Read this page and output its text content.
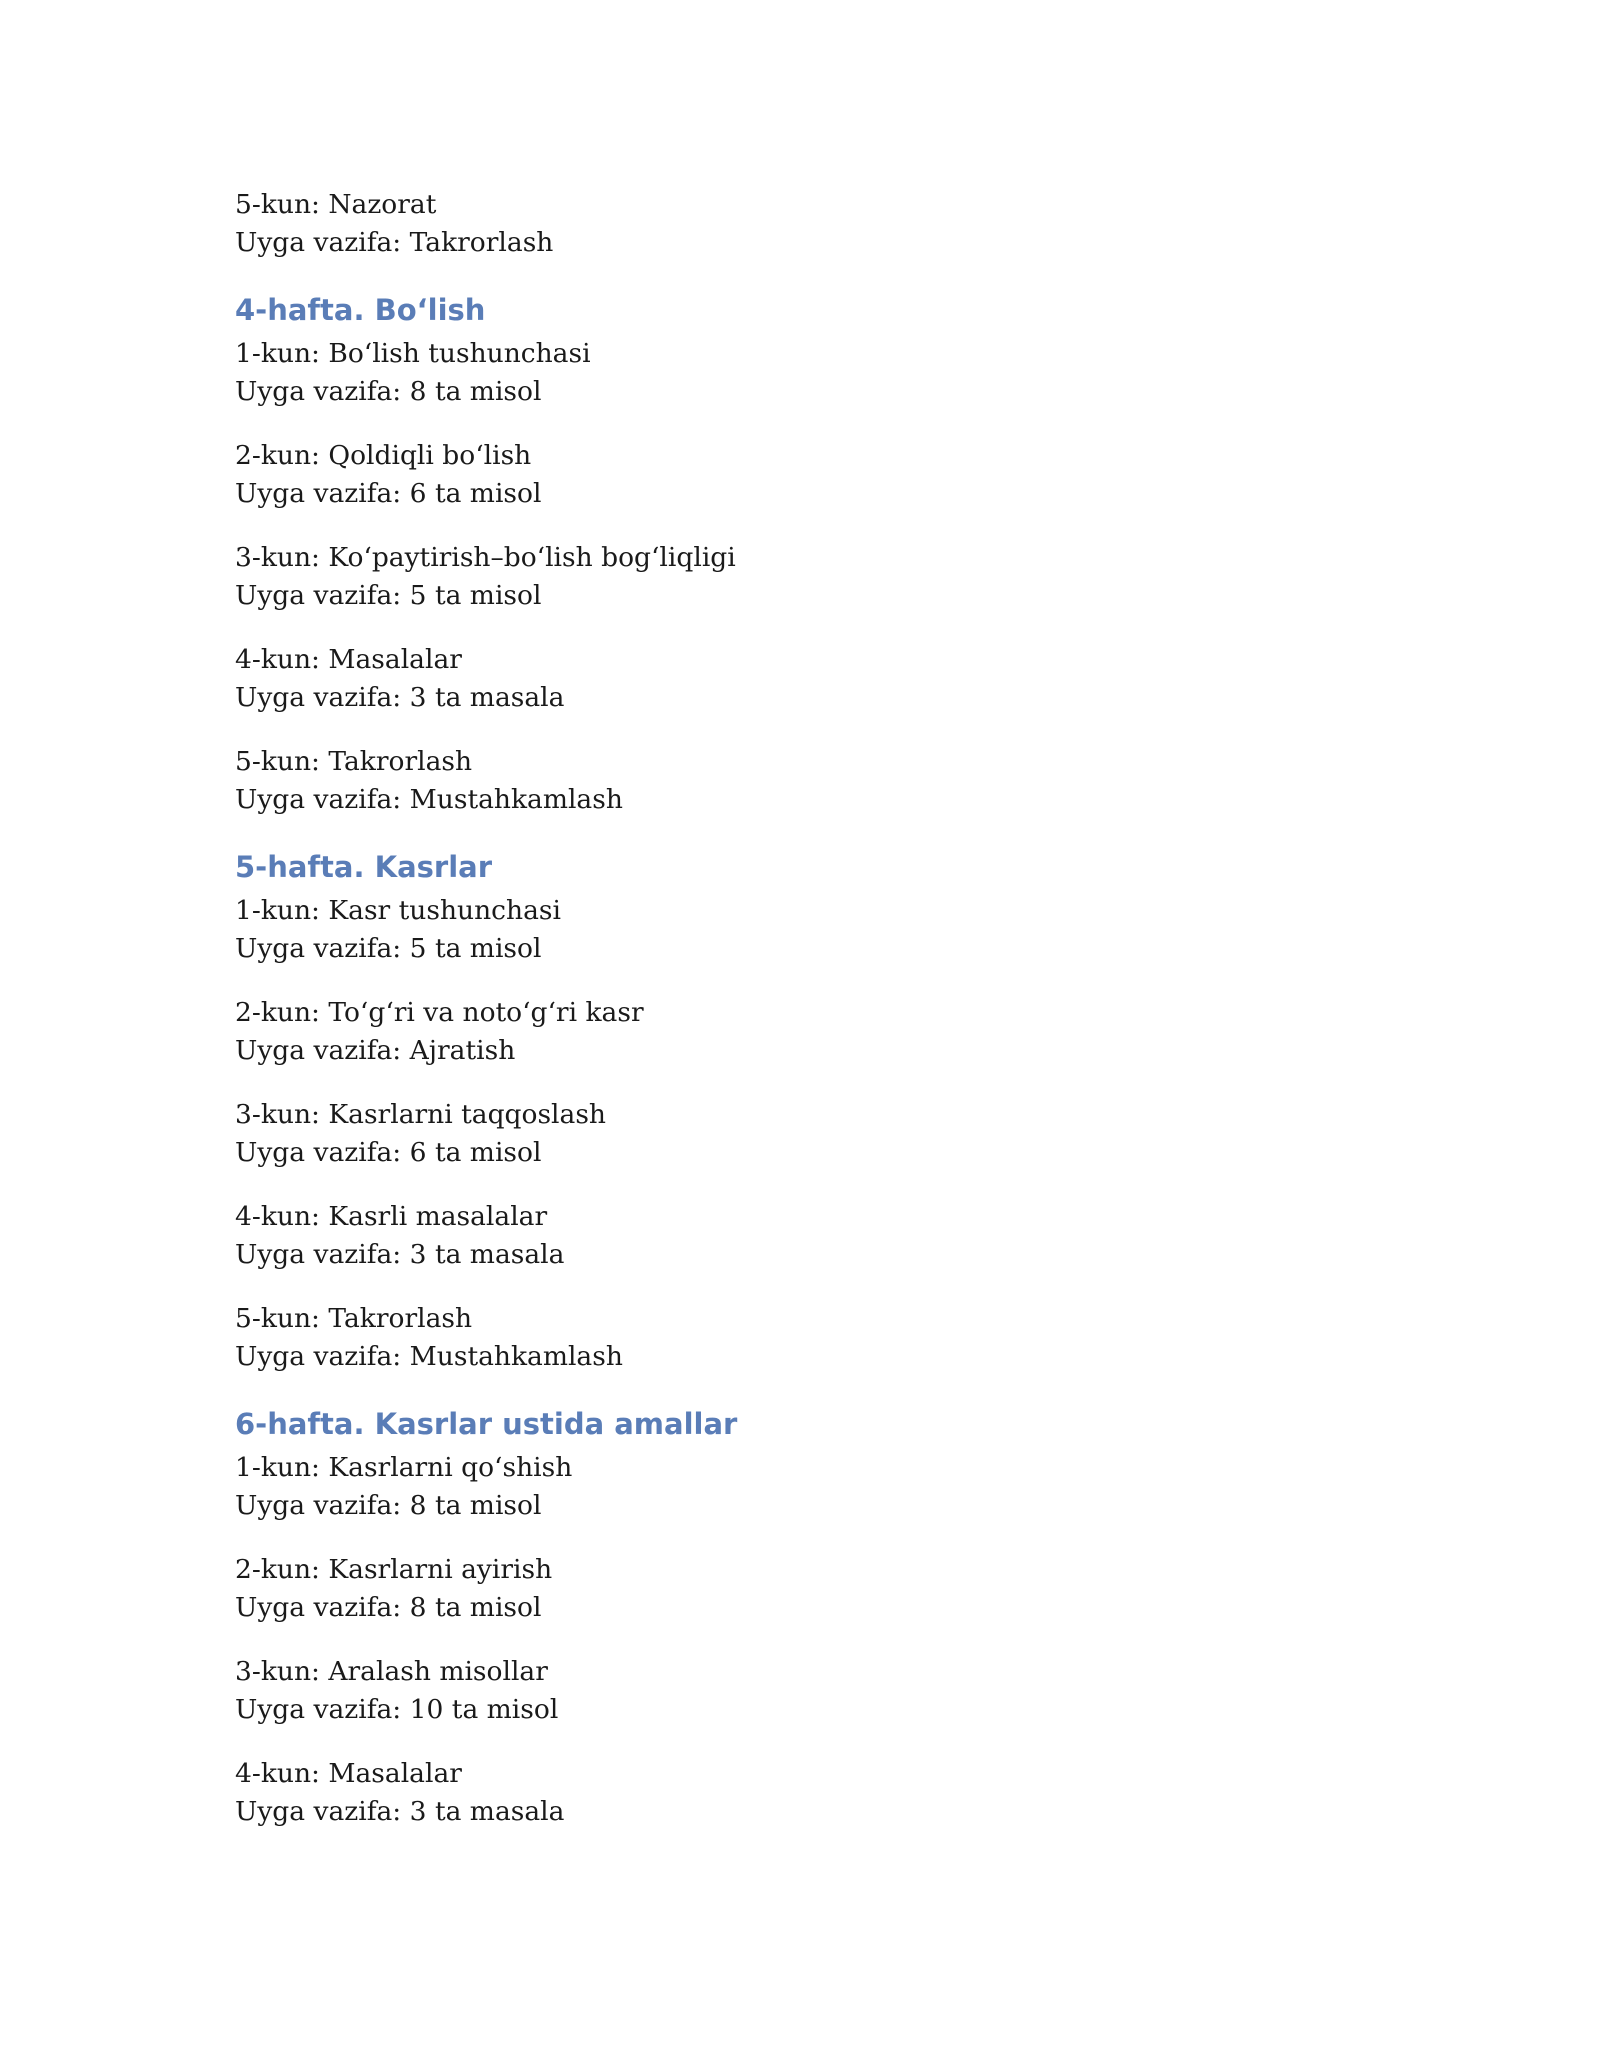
5-kun: Nazorat
Uyga vazifa: Takrorlash
4-hafta. Bo‘lish
1-kun: Bo‘lish tushunchasi
Uyga vazifa: 8 ta misol
2-kun: Qoldiqli bo‘lish
Uyga vazifa: 6 ta misol
3-kun: Ko‘paytirish–bo‘lish bog‘liqligi
Uyga vazifa: 5 ta misol
4-kun: Masalalar
Uyga vazifa: 3 ta masala
5-kun: Takrorlash
Uyga vazifa: Mustahkamlash
5-hafta. Kasrlar
1-kun: Kasr tushunchasi
Uyga vazifa: 5 ta misol
2-kun: To‘g‘ri va noto‘g‘ri kasr
Uyga vazifa: Ajratish
3-kun: Kasrlarni taqqoslash
Uyga vazifa: 6 ta misol
4-kun: Kasrli masalalar
Uyga vazifa: 3 ta masala
5-kun: Takrorlash
Uyga vazifa: Mustahkamlash
6-hafta. Kasrlar ustida amallar
1-kun: Kasrlarni qo‘shish
Uyga vazifa: 8 ta misol
2-kun: Kasrlarni ayirish
Uyga vazifa: 8 ta misol
3-kun: Aralash misollar
Uyga vazifa: 10 ta misol
4-kun: Masalalar
Uyga vazifa: 3 ta masala
